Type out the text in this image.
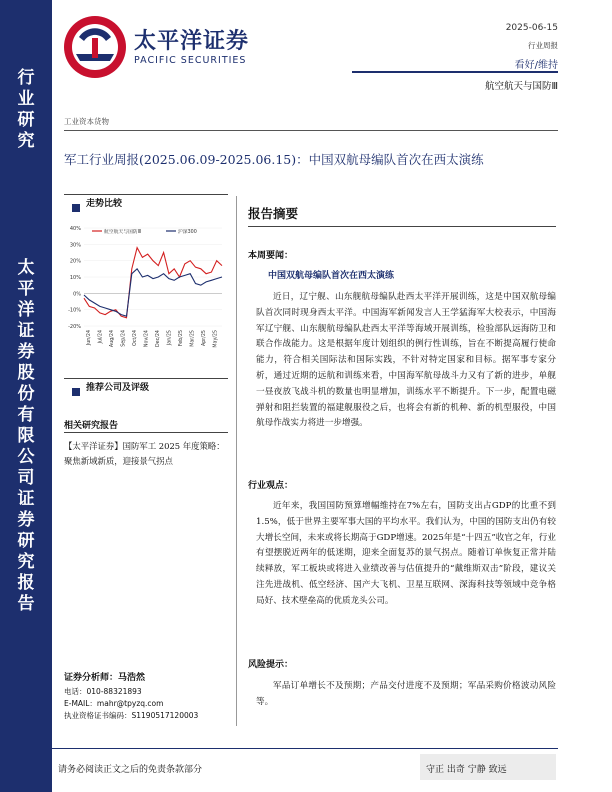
行
业
研
究
太
平
洋
证
券
股
份
有
限
公
司
证
券
研
究
报
告
太平洋证券
PACIFIC SECURITIES
2025-06-15
行业周报
看好/维持
航空航天与国防Ⅲ
工业资本货物
军工行业周报(2025.06.09-2025.06.15)：中国双航母编队首次在西太演练
走势比较
40%
30%
20%
10%
0%
-10%
-20%
Jun/24 Jul/24 Aug/24 Sep/24 Oct/24 Nov/24 Dec/24 Jan/25 Feb/25 Mar/25 Apr/25 May/25
航空航天与国防Ⅲ	沪深300
推荐公司及评级
相关研究报告
【太平洋证券】国防军工 2025 年度策略：聚焦新域新质，迎接景气拐点
证券分析师：马浩然
电话：010-88321893
E-MAIL：mahr@tpyzq.com
执业资格证书编码：S1190517120003
报告摘要
本周要闻：
中国双航母编队首次在西太演练
近日，辽宁舰、山东舰航母编队赴西太平洋开展训练，这是中国双航母编队首次同时现身西太平洋。中国海军新闻发言人王学猛海军大校表示，中国海军辽宁舰、山东舰航母编队赴西太平洋等海域开展训练，检验部队远海防卫和联合作战能力。这是根据年度计划组织的例行性训练，旨在不断提高履行使命能力，符合相关国际法和国际实践，不针对特定国家和目标。据军事专家分析，通过近期的远航和训练来看，中国海军航母战斗力又有了新的进步，单舰一昼夜放飞战斗机的数量也明显增加，训练水平不断提升。下一步，配置电磁弹射和阻拦装置的福建舰服役之后，也将会有新的机种、新的机型服役，中国航母作战实力将进一步增强。
行业观点：
近年来，我国国防预算增幅维持在7%左右，国防支出占GDP的比重不到1.5%，低于世界主要军事大国的平均水平。我们认为，中国的国防支出仍有较大增长空间，未来或将长期高于GDP增速。2025年是“十四五”收官之年，行业有望摆脱近两年的低迷期，迎来全面复苏的景气拐点。随着订单恢复正常并陆续释放，军工板块或将进入业绩改善与估值提升的“戴维斯双击”阶段，建议关注先进战机、低空经济、国产大飞机、卫星互联网、深海科技等领域中竞争格局好、技术壁垒高的优质龙头公司。
风险提示：
军品订单增长不及预期；产品交付进度不及预期；军品采购价格波动风险等。
请务必阅读正文之后的免责条款部分	守正 出奇 宁静 致远
